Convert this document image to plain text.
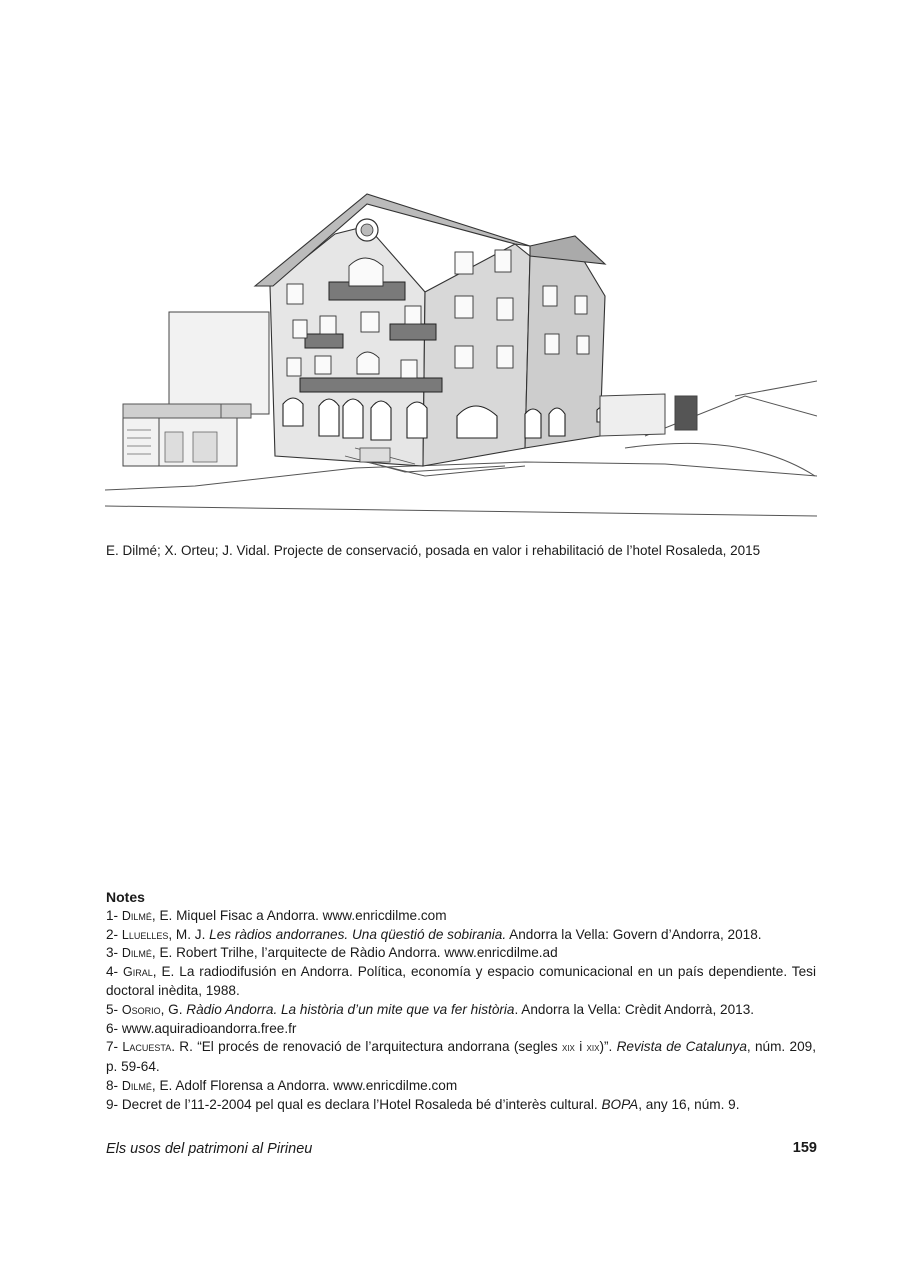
E. Dilmé; X. Orteu; J. Vidal. Projecte de conservació, posada en valor i rehabilitació de l’hotel Rosaleda, 2015
Notes
1- Dilmé, E. Miquel Fisac a Andorra. www.enricdilme.com
2- Lluelles, M. J. Les ràdios andorranes. Una qüestió de sobirania. Andorra la Vella: Govern d’Andorra, 2018.
3- Dilmé, E. Robert Trilhe, l’arquitecte de Ràdio Andorra. www.enricdilme.ad
4- Giral, E. La radiodifusión en Andorra. Política, economía y espacio comunicacional en un país dependiente. Tesi doctoral inèdita, 1988.
5- Osorio, G. Ràdio Andorra. La història d’un mite que va fer història. Andorra la Vella: Crèdit Andorrà, 2013.
6- www.aquiradioandorra.free.fr
7- Lacuesta. R. “El procés de renovació de l’arquitectura andorrana (segles xix i xix)”. Revista de Catalunya, núm. 209, p. 59-64.
8- Dilmé, E. Adolf Florensa a Andorra. www.enricdilme.com
9- Decret de l’11-2-2004 pel qual es declara l’Hotel Rosaleda bé d’interès cultural. BOPA, any 16, núm. 9.
Els usos del patrimoni al Pirineu	159
